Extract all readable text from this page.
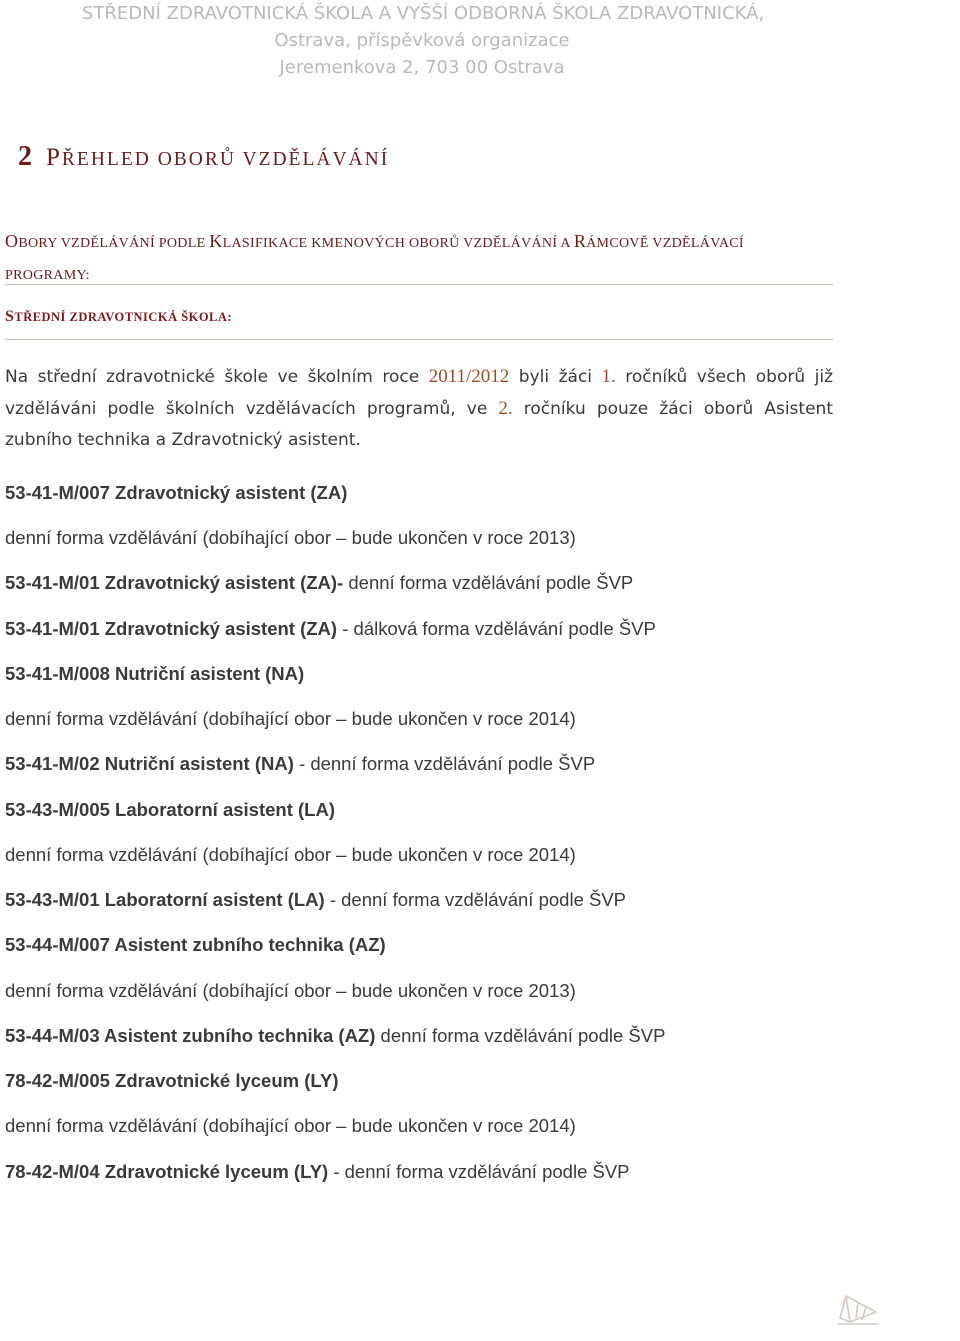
STŘEDNÍ ZDRAVOTNICKÁ ŠKOLA A VYŠŠÍ ODBORNÁ ŠKOLA ZDRAVOTNICKÁ,
Ostrava, příspěvková organizace
Jeremenkova 2, 703 00 Ostrava
2 PŘEHLED OBORŮ VZDĚLÁVÁNÍ
OBORY VZDĚLÁVÁNÍ PODLE KLASIFIKACE KMENOVÝCH OBORŮ VZDĚLÁVÁNÍ A RÁMCOVĚ VZDĚLÁVACÍ PROGRAMY:
STŘEDNÍ ZDRAVOTNICKÁ ŠKOLA:
Na střední zdravotnické škole ve školním roce 2011/2012 byli žáci 1. ročníků všech oborů již vzděláváni podle školních vzdělávacích programů, ve 2. ročníku pouze žáci oborů Asistent zubního technika a Zdravotnický asistent.
53-41-M/007 Zdravotnický asistent (ZA)
denní forma vzdělávání (dobíhající obor – bude ukončen v roce 2013)
53-41-M/01 Zdravotnický asistent (ZA)- denní forma vzdělávání podle ŠVP
53-41-M/01 Zdravotnický asistent (ZA) - dálková forma vzdělávání podle ŠVP
53-41-M/008 Nutriční asistent (NA)
denní forma vzdělávání (dobíhající obor – bude ukončen v roce 2014)
53-41-M/02 Nutriční asistent (NA) - denní forma vzdělávání podle ŠVP
53-43-M/005 Laboratorní asistent (LA)
denní forma vzdělávání (dobíhající obor – bude ukončen v roce 2014)
53-43-M/01 Laboratorní asistent (LA) - denní forma vzdělávání podle ŠVP
53-44-M/007 Asistent zubního technika (AZ)
denní forma vzdělávání (dobíhající obor – bude ukončen v roce 2013)
53-44-M/03 Asistent zubního technika (AZ) denní forma vzdělávání podle ŠVP
78-42-M/005 Zdravotnické lyceum (LY)
denní forma vzdělávání (dobíhající obor – bude ukončen v roce 2014)
78-42-M/04 Zdravotnické lyceum (LY) - denní forma vzdělávání podle ŠVP
